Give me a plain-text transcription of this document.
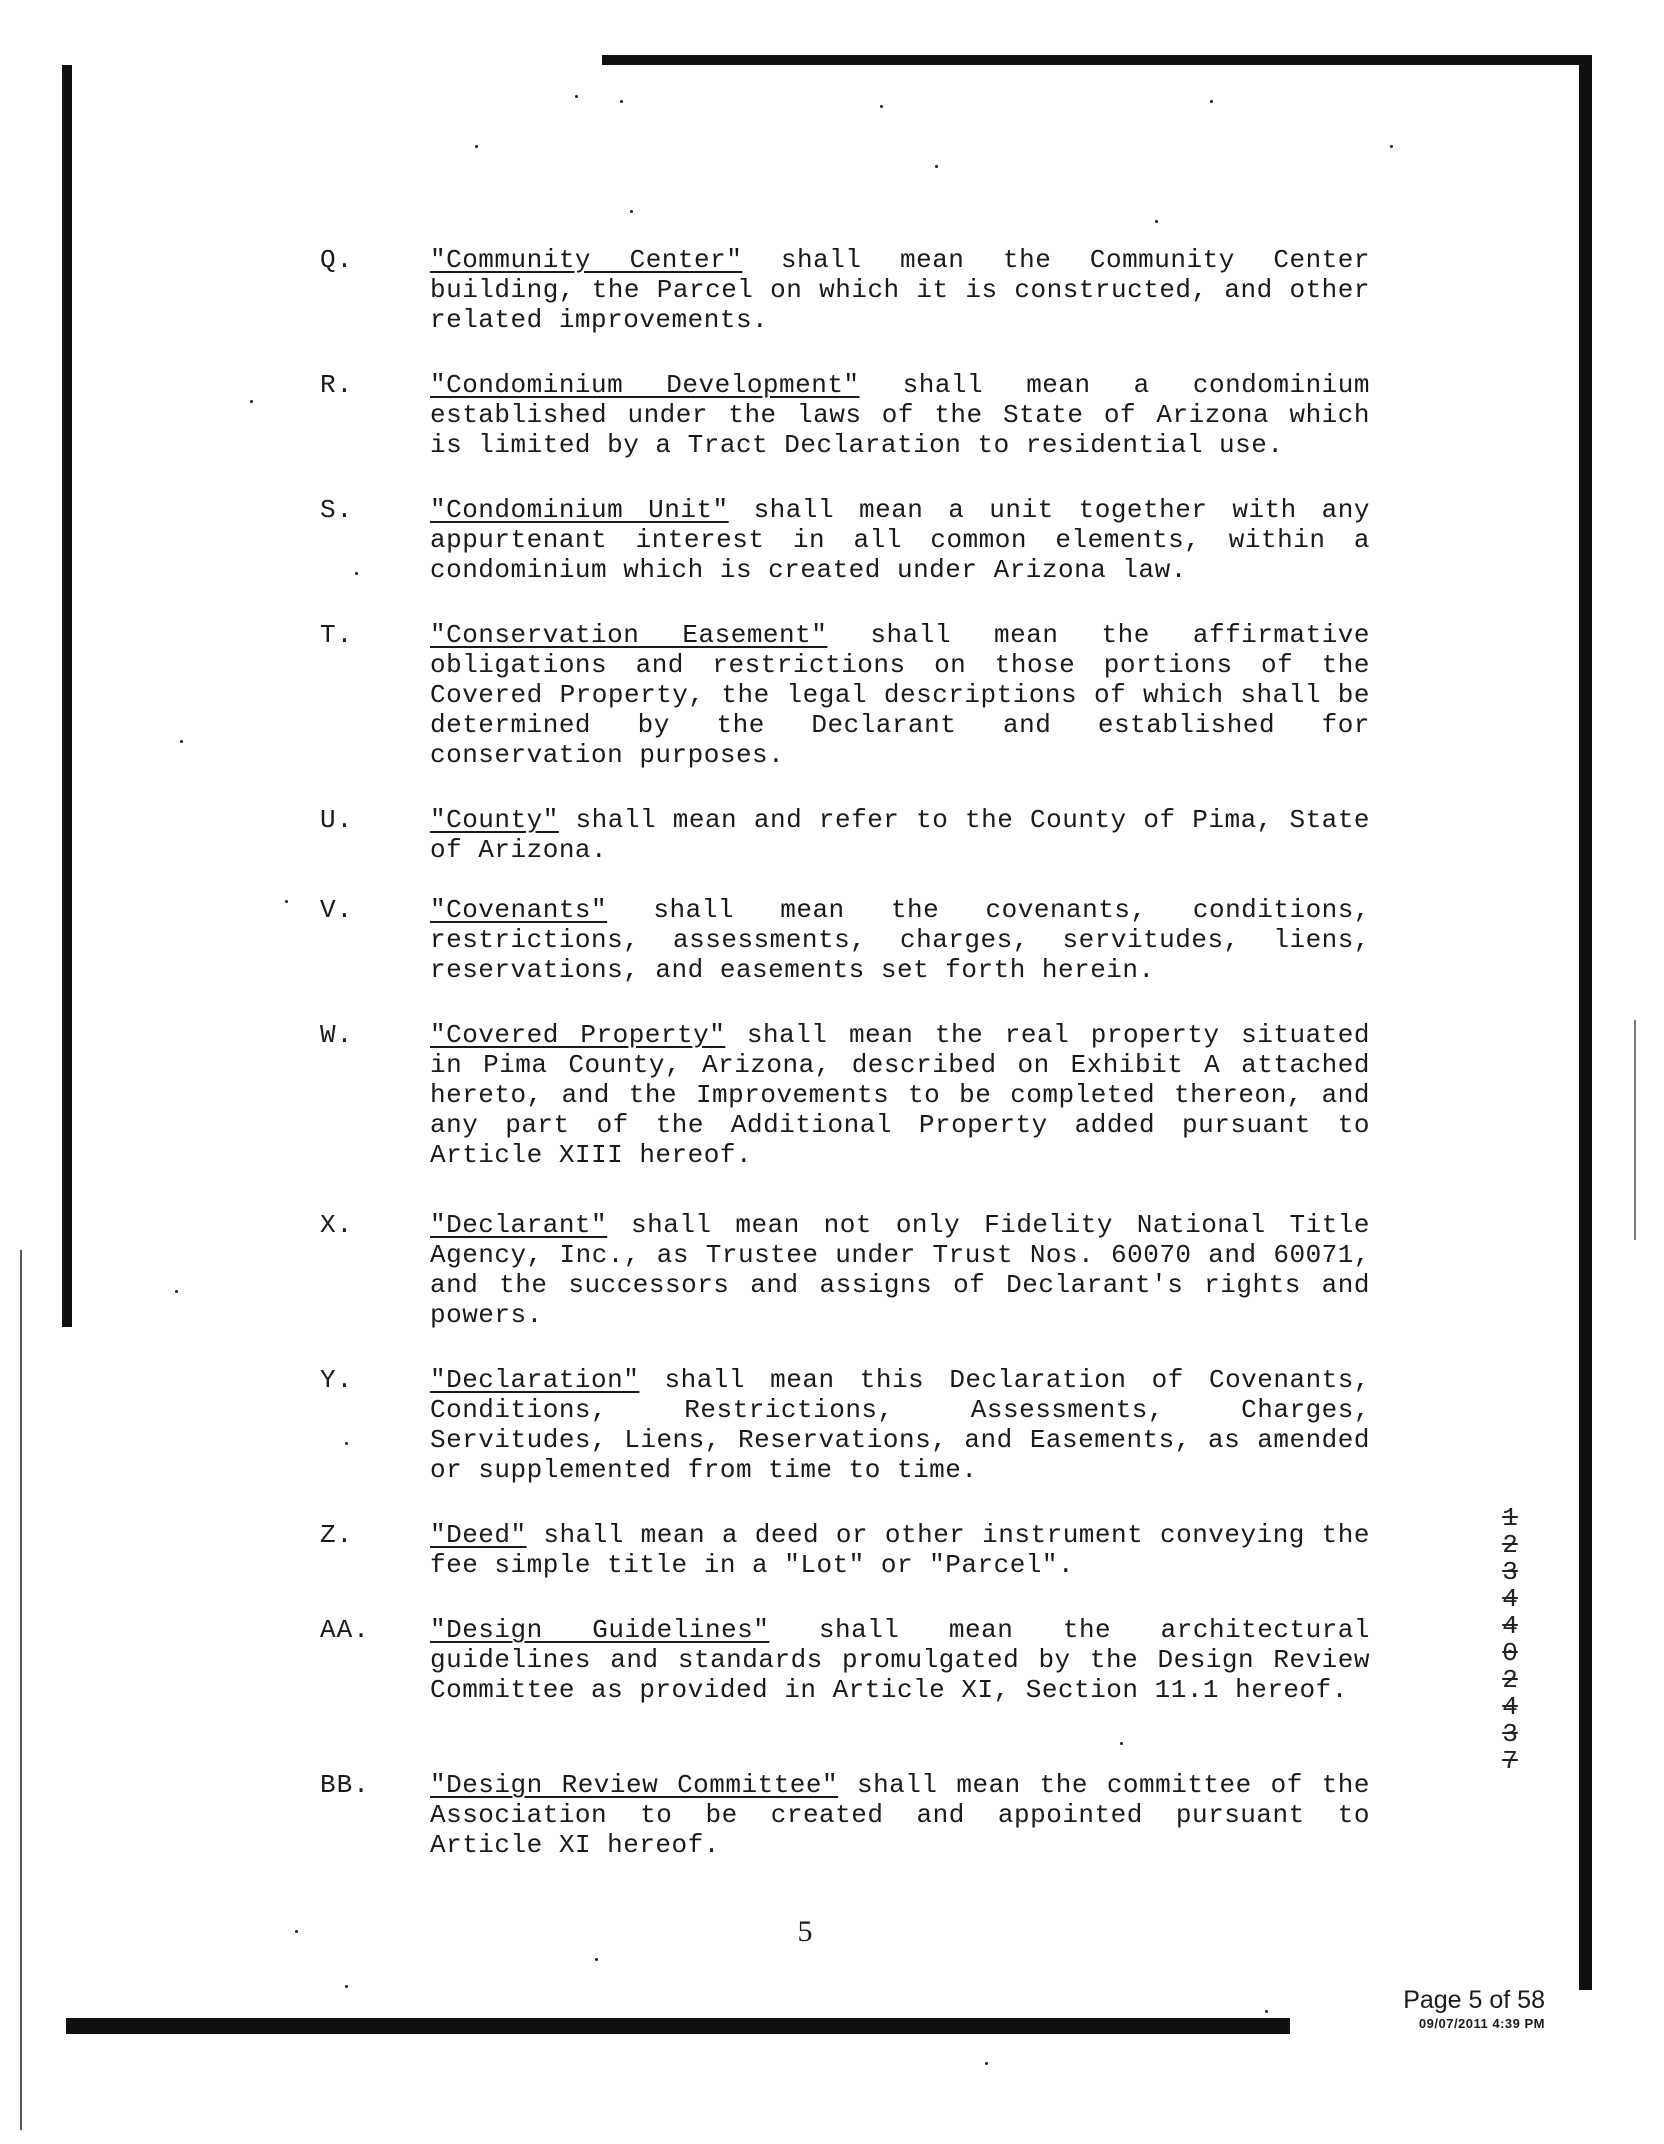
Q.	"Community Center" shall mean the Community Center building, the Parcel on which it is constructed, and other related improvements.
R.	"Condominium Development" shall mean a condominium established under the laws of the State of Arizona which is limited by a Tract Declaration to residential use.
S.	"Condominium Unit" shall mean a unit together with any appurtenant interest in all common elements, within a condominium which is created under Arizona law.
T.	"Conservation Easement" shall mean the affirmative obligations and restrictions on those portions of the Covered Property, the legal descriptions of which shall be determined by the Declarant and established for conservation purposes.
U.	"County" shall mean and refer to the County of Pima, State of Arizona.
V.	"Covenants" shall mean the covenants, conditions, restrictions, assessments, charges, servitudes, liens, reservations, and easements set forth herein.
W.	"Covered Property" shall mean the real property situated in Pima County, Arizona, described on Exhibit A attached hereto, and the Improvements to be completed thereon, and any part of the Additional Property added pursuant to Article XIII hereof.
X.	"Declarant" shall mean not only Fidelity National Title Agency, Inc., as Trustee under Trust Nos. 60070 and 60071, and the successors and assigns of Declarant's rights and powers.
Y.	"Declaration" shall mean this Declaration of Covenants, Conditions, Restrictions, Assessments, Charges, Servitudes, Liens, Reservations, and Easements, as amended or supplemented from time to time.
Z.	"Deed" shall mean a deed or other instrument conveying the fee simple title in a "Lot" or "Parcel".
AA.	"Design Guidelines" shall mean the architectural guidelines and standards promulgated by the Design Review Committee as provided in Article XI, Section 11.1 hereof.
BB.	"Design Review Committee" shall mean the committee of the Association to be created and appointed pursuant to Article XI hereof.
1
2
3
4
4
0
2
4
3
7
5
Page 5 of 58
09/07/2011 4:39 PM
